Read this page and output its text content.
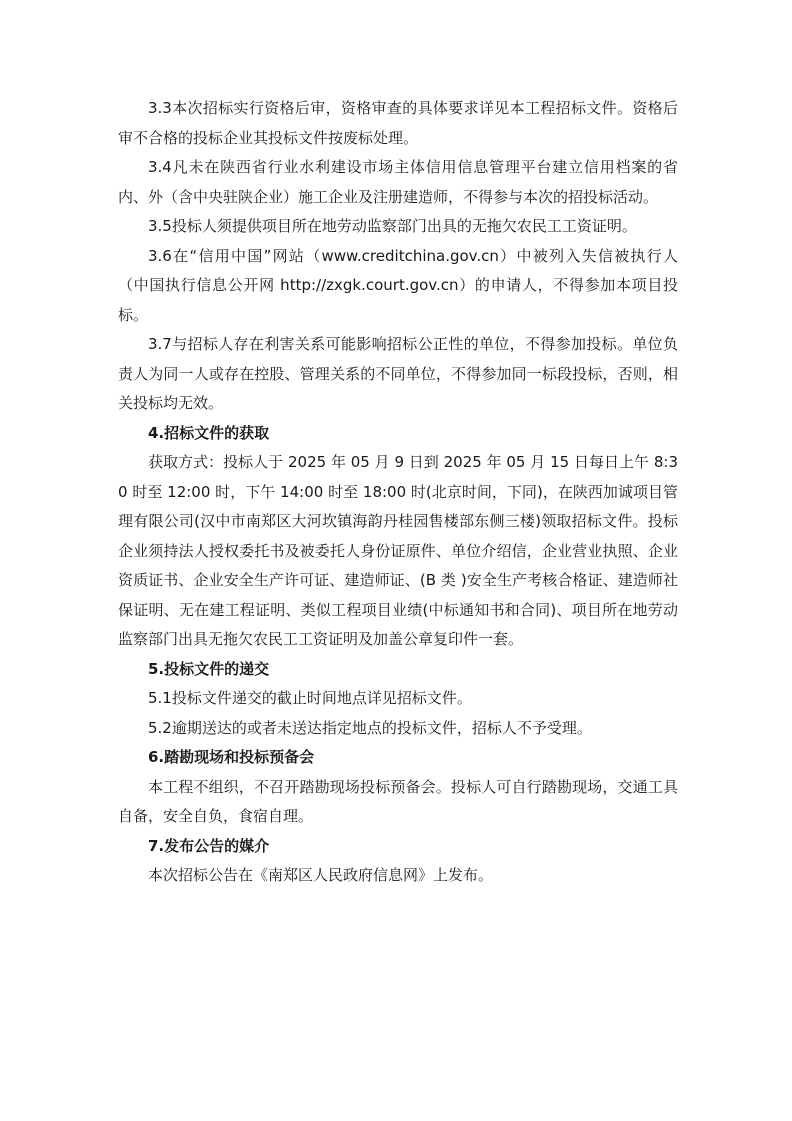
3.3本次招标实行资格后审，资格审查的具体要求详见本工程招标文件。资格后审不合格的投标企业其投标文件按废标处理。

3.4凡未在陕西省行业水利建设市场主体信用信息管理平台建立信用档案的省内、外（含中央驻陕企业）施工企业及注册建造师，不得参与本次的招投标活动。

3.5投标人须提供项目所在地劳动监察部门出具的无拖欠农民工工资证明。

3.6在“信用中国”网站（www.creditchina.gov.cn）中被列入失信被执行人（中国执行信息公开网 http://zxgk.court.gov.cn）的申请人，不得参加本项目投标。

3.7与招标人存在利害关系可能影响招标公正性的单位，不得参加投标。单位负责人为同一人或存在控股、管理关系的不同单位，不得参加同一标段投标，否则，相关投标均无效。

4.招标文件的获取

获取方式：投标人于 2025 年 05 月 9 日到 2025 年 05 月 15 日每日上午 8:30 时至 12:00 时，下午 14:00 时至 18:00 时(北京时间，下同)，在陕西加诚项目管理有限公司(汉中市南郑区大河坎镇海韵丹桂园售楼部东侧三楼)领取招标文件。投标企业须持法人授权委托书及被委托人身份证原件、单位介绍信，企业营业执照、企业资质证书、企业安全生产许可证、建造师证、(B 类 )安全生产考核合格证、建造师社保证明、无在建工程证明、类似工程项目业绩(中标通知书和合同)、项目所在地劳动监察部门出具无拖欠农民工工资证明及加盖公章复印件一套。

5.投标文件的递交

5.1投标文件递交的截止时间地点详见招标文件。

5.2逾期送达的或者未送达指定地点的投标文件，招标人不予受理。

6.踏勘现场和投标预备会

本工程不组织，不召开踏勘现场投标预备会。投标人可自行踏勘现场，交通工具自备，安全自负，食宿自理。

7.发布公告的媒介

本次招标公告在《南郑区人民政府信息网》上发布。
